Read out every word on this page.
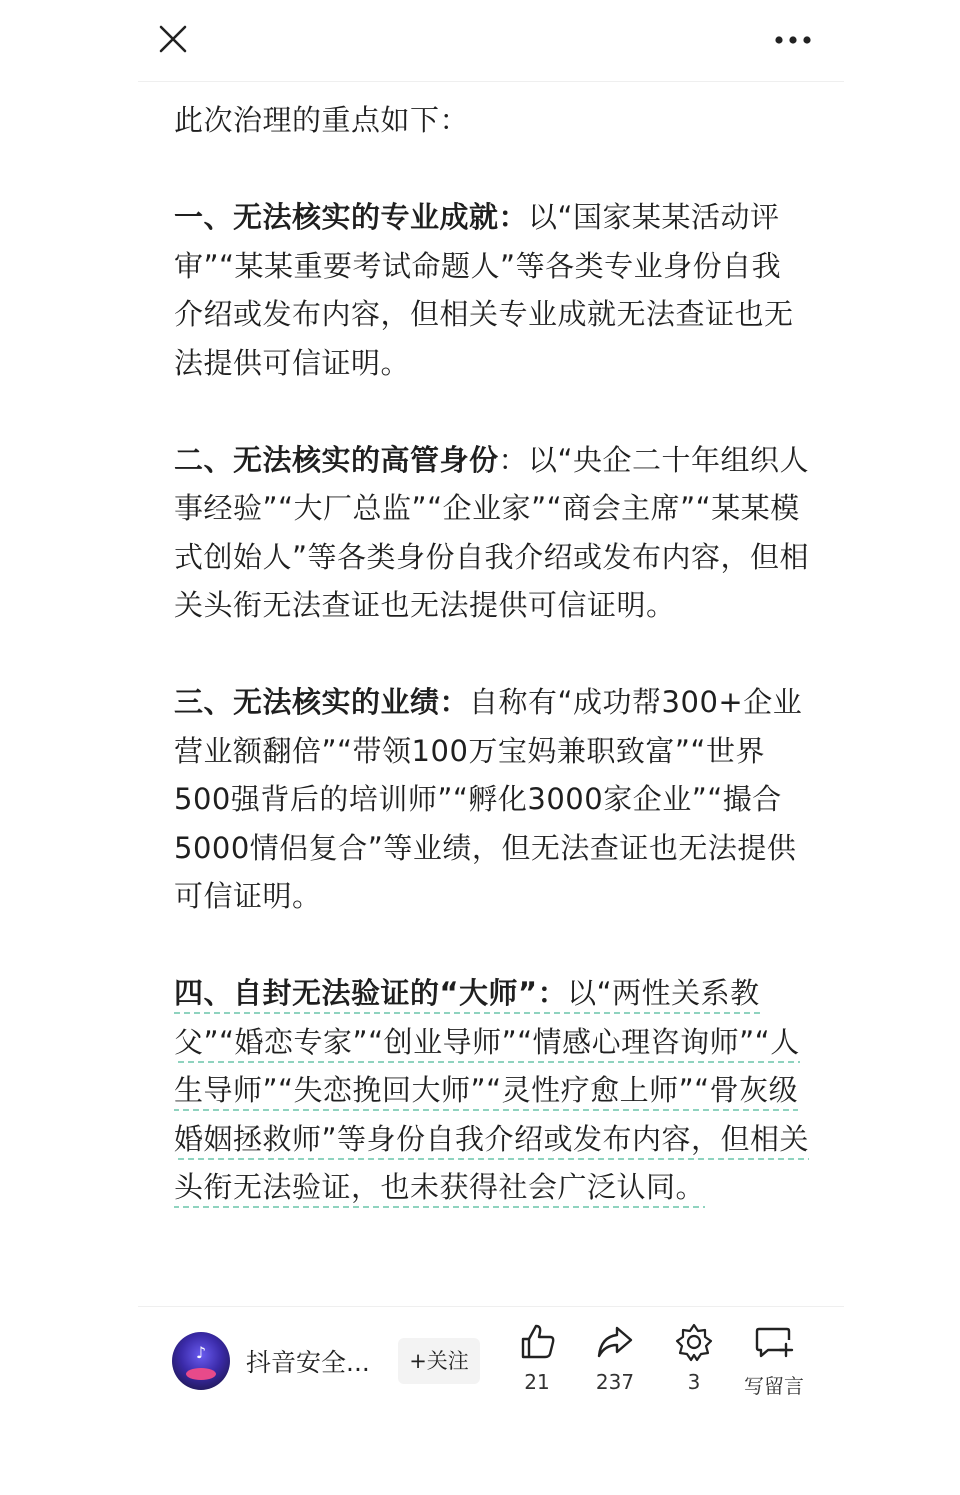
此次治理的重点如下：

一、无法核实的专业成就：以“国家某某活动评审”“某某重要考试命题人”等各类专业身份自我介绍或发布内容，但相关专业成就无法查证也无法提供可信证明。

二、无法核实的高管身份：以“央企二十年组织人事经验”“大厂总监”“企业家”“商会主席”“某某模式创始人”等各类身份自我介绍或发布内容，但相关头衔无法查证也无法提供可信证明。

三、无法核实的业绩：自称有“成功帮300+企业营业额翻倍”“带领100万宝妈兼职致富”“世界500强背后的培训师”“孵化3000家企业”“撮合5000情侣复合”等业绩，但无法查证也无法提供可信证明。

四、自封无法验证的“大师”：以“两性关系教父”“婚恋专家”“创业导师”“情感心理咨询师”“人生导师”“失恋挽回大师”“灵性疗愈上师”“骨灰级婚姻拯救师”等身份自我介绍或发布内容，但相关头衔无法验证，也未获得社会广泛认同。

♪ 抖音安全...	+关注
21	237	3	写留言
